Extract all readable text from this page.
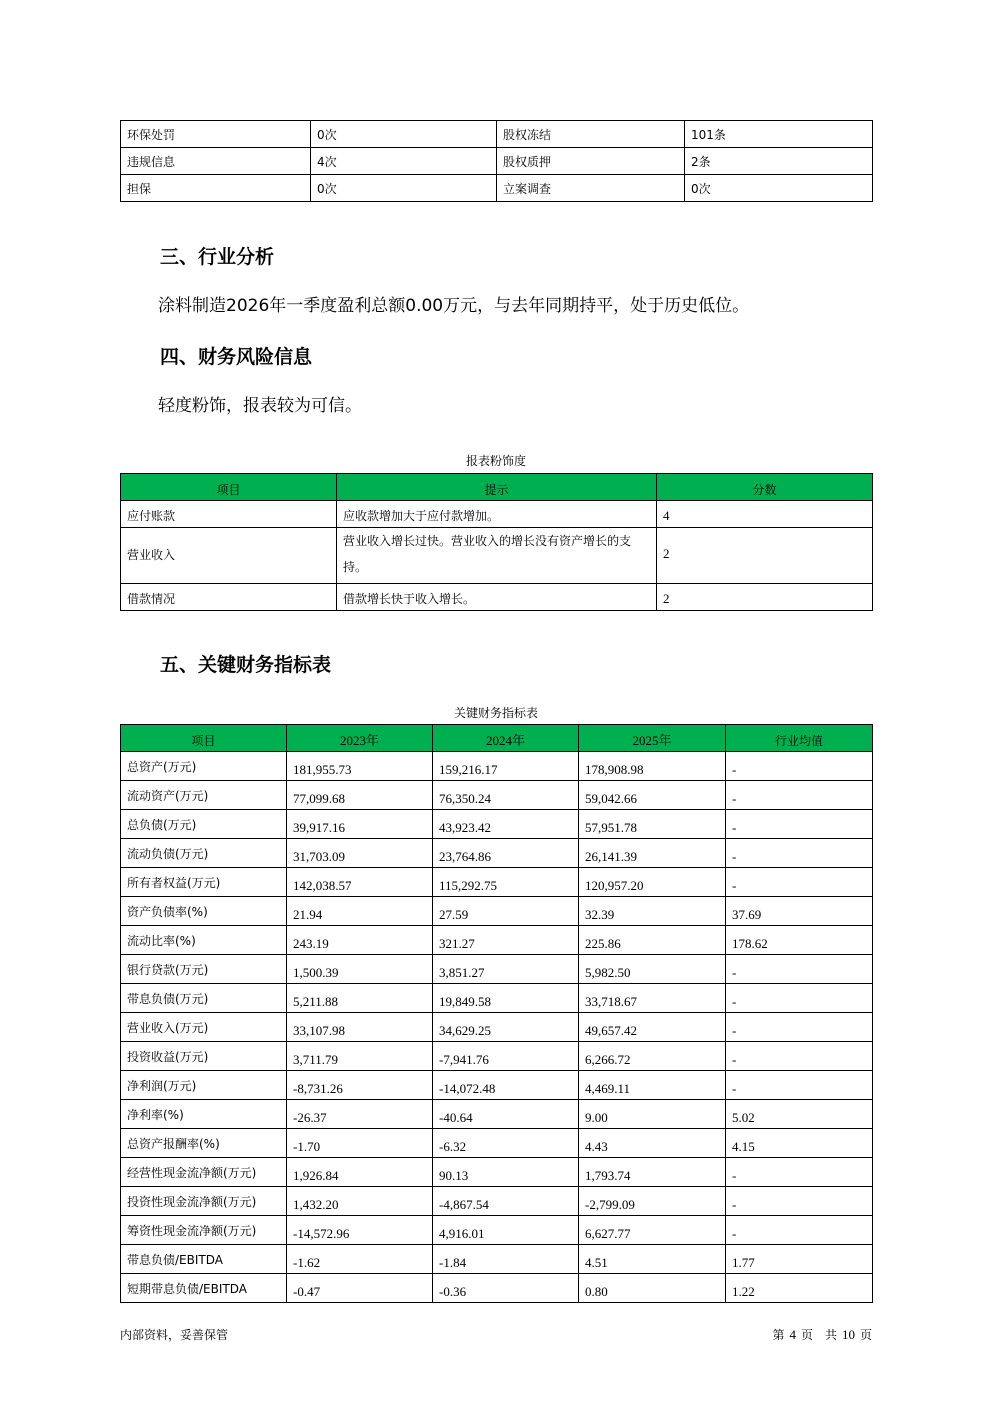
环保处罚	0次	股权冻结	101条
违规信息	4次	股权质押	2条
担保	0次	立案调查	0次
三、行业分析

涂料制造2026年一季度盈利总额0.00万元，与去年同期持平，处于历史低位。

四、财务风险信息

轻度粉饰，报表较为可信。

报表粉饰度

项目	提示	分数
应付账款	应收款增加大于应付款增加。	4
营业收入	营业收入增长过快。营业收入的增长没有资产增长的支持。	2
借款情况	借款增长快于收入增长。	2
五、关键财务指标表

关键财务指标表

项目	2023年	2024年	2025年	行业均值
总资产(万元)	181,955.73	159,216.17	178,908.98	-
流动资产(万元)	77,099.68	76,350.24	59,042.66	-
总负债(万元)	39,917.16	43,923.42	57,951.78	-
流动负债(万元)	31,703.09	23,764.86	26,141.39	-
所有者权益(万元)	142,038.57	115,292.75	120,957.20	-
资产负债率(%)	21.94	27.59	32.39	37.69
流动比率(%)	243.19	321.27	225.86	178.62
银行贷款(万元)	1,500.39	3,851.27	5,982.50	-
带息负债(万元)	5,211.88	19,849.58	33,718.67	-
营业收入(万元)	33,107.98	34,629.25	49,657.42	-
投资收益(万元)	3,711.79	-7,941.76	6,266.72	-
净利润(万元)	-8,731.26	-14,072.48	4,469.11	-
净利率(%)	-26.37	-40.64	9.00	5.02
总资产报酬率(%)	-1.70	-6.32	4.43	4.15
经营性现金流净额(万元)	1,926.84	90.13	1,793.74	-
投资性现金流净额(万元)	1,432.20	-4,867.54	-2,799.09	-
筹资性现金流净额(万元)	-14,572.96	4,916.01	6,627.77	-
带息负债/EBITDA	-1.62	-1.84	4.51	1.77
短期带息负债/EBITDA	-0.47	-0.36	0.80	1.22

内部资料，妥善保管	第 4 页　共 10 页
